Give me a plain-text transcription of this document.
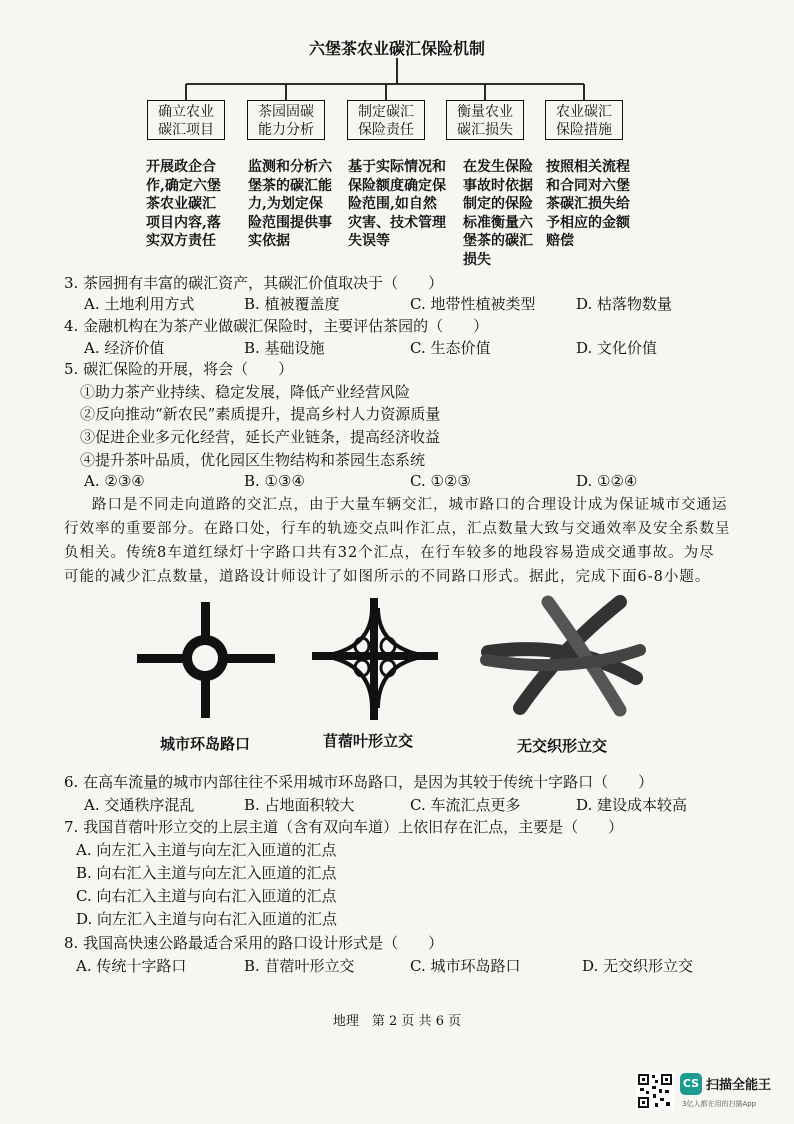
六堡茶农业碳汇保险机制
确立农业
碳汇项目
茶园固碳
能力分析
制定碳汇
保险责任
衡量农业
碳汇损失
农业碳汇
保险措施
开展政企合
作,确定六堡
茶农业碳汇
项目内容,落
实双方责任
监测和分析六
堡茶的碳汇能
力,为划定保
险范围提供事
实依据
基于实际情况和
保险额度确定保
险范围,如自然
灾害、技术管理
失误等
在发生保险
事故时依据
制定的保险
标准衡量六
堡茶的碳汇
损失
按照相关流程
和合同对六堡
茶碳汇损失给
予相应的金额
赔偿
3. 茶园拥有丰富的碳汇资产，其碳汇价值取决于（　　）
A. 土地利用方式	B. 植被覆盖度	C. 地带性植被类型	D. 枯落物数量
4. 金融机构在为茶产业做碳汇保险时，主要评估茶园的（　　）
A. 经济价值	B. 基础设施	C. 生态价值	D. 文化价值
5. 碳汇保险的开展，将会（　　）
①助力茶产业持续、稳定发展，降低产业经营风险
②反向推动“新农民”素质提升，提高乡村人力资源质量
③促进企业多元化经营，延长产业链条，提高经济收益
④提升茶叶品质，优化园区生物结构和茶园生态系统
A. ②③④	B. ①③④	C. ①②③	D. ①②④
路口是不同走向道路的交汇点，由于大量车辆交汇，城市路口的合理设计成为保证城市交通运
行效率的重要部分。在路口处，行车的轨迹交点叫作汇点，汇点数量大致与交通效率及安全系数呈
负相关。传统8车道红绿灯十字路口共有32个汇点，在行车较多的地段容易造成交通事故。为尽
可能的减少汇点数量，道路设计师设计了如图所示的不同路口形式。据此，完成下面6-8小题。
城市环岛路口	苜蓿叶形立交	无交织形立交
6. 在高车流量的城市内部往往不采用城市环岛路口，是因为其较于传统十字路口（　　）
A. 交通秩序混乱	B. 占地面积较大	C. 车流汇点更多	D. 建设成本较高
7. 我国苜蓿叶形立交的上层主道（含有双向车道）上依旧存在汇点，主要是（　　）
A. 向左汇入主道与向左汇入匝道的汇点
B. 向右汇入主道与向左汇入匝道的汇点
C. 向右汇入主道与向右汇入匝道的汇点
D. 向左汇入主道与向右汇入匝道的汇点
8. 我国高快速公路最适合采用的路口设计形式是（　　）
A. 传统十字路口	B. 苜蓿叶形立交	C. 城市环岛路口	D. 无交织形立交
地理　第 2 页 共 6 页
CS 扫描全能王
3亿人都在用的扫描App
